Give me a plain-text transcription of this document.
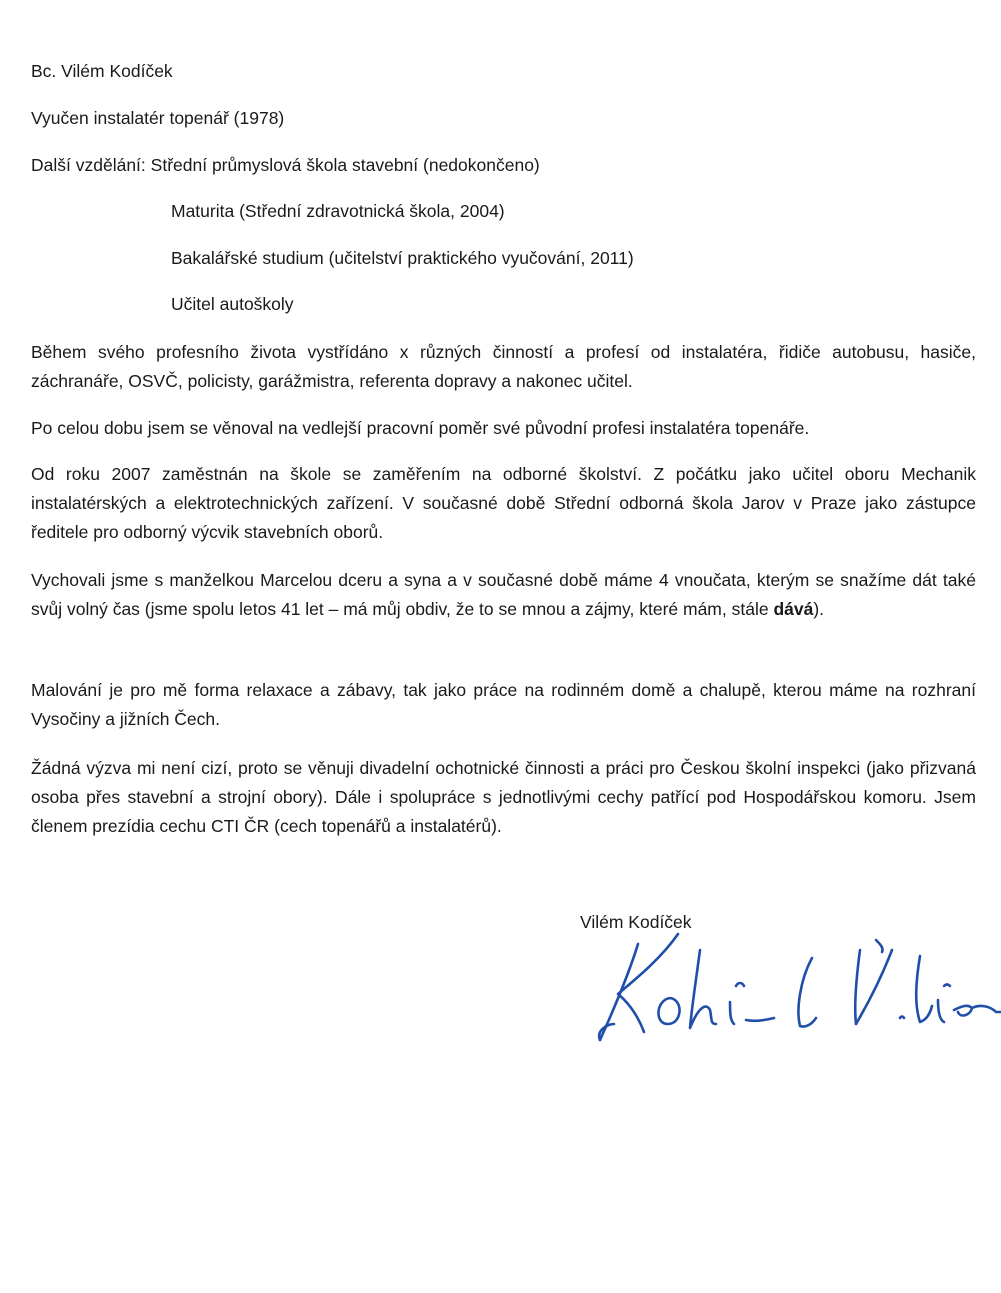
Bc. Vilém Kodíček
Vyučen instalatér topenář (1978)
Další vzdělání: Střední průmyslová škola stavební (nedokončeno)
Maturita (Střední zdravotnická škola, 2004)
Bakalářské studium (učitelství praktického vyučování, 2011)
Učitel autoškoly
Během svého profesního života vystřídáno x různých činností a profesí od instalatéra, řidiče autobusu, hasiče, záchranáře, OSVČ, policisty, garážmistra, referenta dopravy a nakonec učitel.
Po celou dobu jsem se věnoval na vedlejší pracovní poměr své původní profesi instalatéra topenáře.
Od roku 2007 zaměstnán na škole se zaměřením na odborné školství. Z počátku jako učitel oboru Mechanik instalatérských a elektrotechnických zařízení. V současné době Střední odborná škola Jarov v Praze jako zástupce ředitele pro odborný výcvik stavebních oborů.
Vychovali jsme s manželkou Marcelou dceru a syna a v současné době máme 4 vnoučata, kterým se snažíme dát také svůj volný čas (jsme spolu letos 41 let – má můj obdiv, že to se mnou a zájmy, které mám, stále dává).
Malování je pro mě forma relaxace a zábavy, tak jako práce na rodinném domě a chalupě, kterou máme na rozhraní Vysočiny a jižních Čech.
Žádná výzva mi není cizí, proto se věnuji divadelní ochotnické činnosti a práci pro Českou školní inspekci (jako přizvaná osoba přes stavební a strojní obory). Dále i spolupráce s jednotlivými cechy patřící pod Hospodářskou komoru. Jsem členem prezídia cechu CTI ČR (cech topenářů a instalatérů).
Vilém Kodíček
